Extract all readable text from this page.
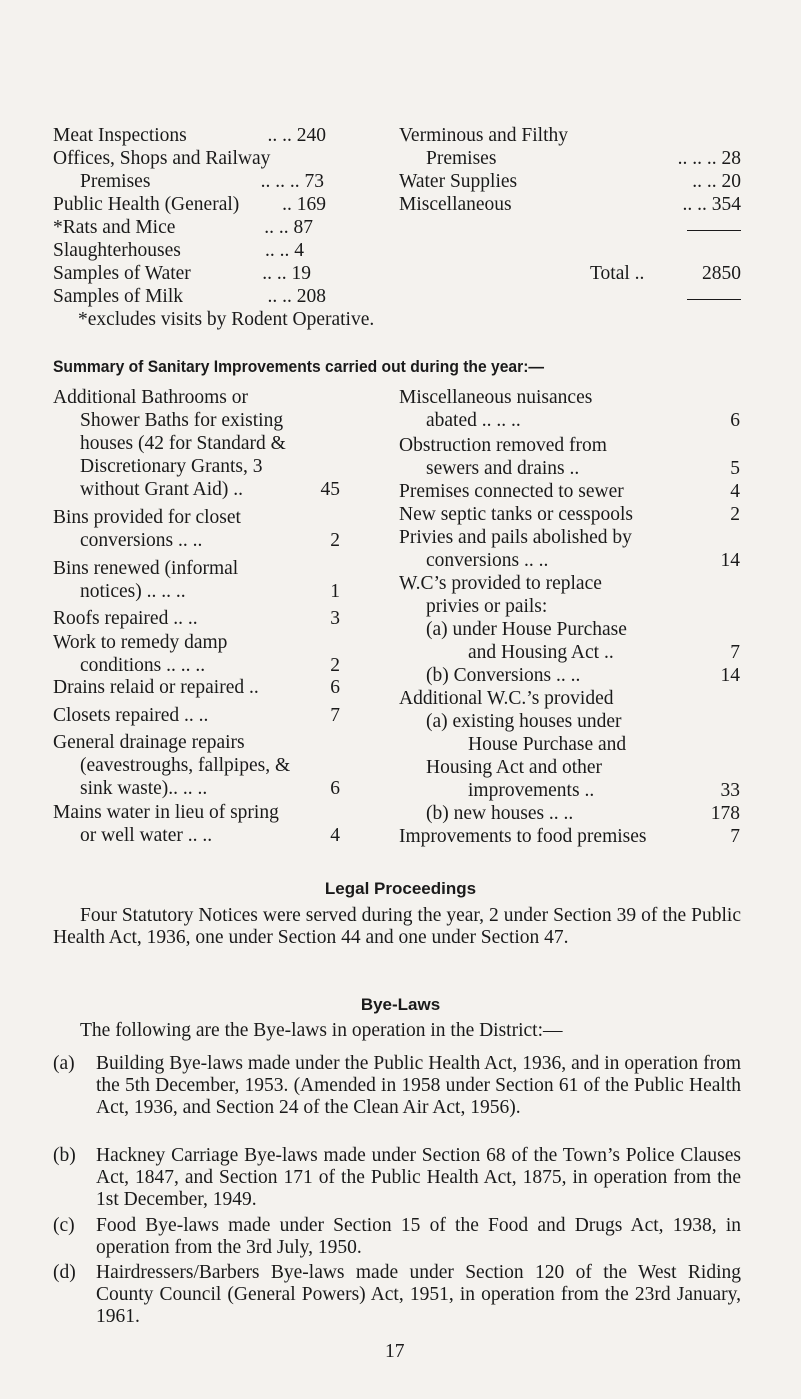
Meat Inspections	.. .. 240
Offices, Shops and Railway
Premises	.. .. .. 73
Public Health (General) .. 169
*Rats and Mice	.. .. 87
Slaughterhouses	.. .. 4
Samples of Water	.. .. 19
Samples of Milk	.. .. 208
Verminous and Filthy
Premises	.. .. .. 28
Water Supplies	.. .. 20
Miscellaneous	.. .. 354
Total ..	2850
*excludes visits by Rodent Operative.
Summary of Sanitary Improvements carried out during the year:—
Additional Bathrooms or
Shower Baths for existing
houses (42 for Standard &
Discretionary Grants, 3
without Grant Aid) ..	45
Bins provided for closet
conversions .. ..	2
Bins renewed (informal
notices) .. .. ..	1
Roofs repaired .. ..	3
Work to remedy damp
conditions .. .. ..	2
Drains relaid or repaired ..	6
Closets repaired .. ..	7
General drainage repairs
(eavestroughs, fallpipes, &
sink waste).. .. ..	6
Mains water in lieu of spring
or well water .. ..	4
Miscellaneous nuisances
abated .. .. ..	6
Obstruction removed from
sewers and drains ..	5
Premises connected to sewer	4
New septic tanks or cesspools	2
Privies and pails abolished by
conversions .. ..	14
W.C’s provided to replace
privies or pails:
(a) under House Purchase
and Housing Act ..	7
(b) Conversions .. ..	14
Additional W.C.’s provided
(a) existing houses under
House Purchase and
Housing Act and other
improvements ..	33
(b) new houses .. ..	178
Improvements to food premises	7
Legal Proceedings
Four Statutory Notices were served during the year, 2 under Section 39 of the Public Health Act, 1936, one under Section 44 and one under Section 47.
Bye-Laws
The following are the Bye-laws in operation in the District:—
(a) Building Bye-laws made under the Public Health Act, 1936, and in operation from the 5th December, 1953. (Amended in 1958 under Section 61 of the Public Health Act, 1936, and Section 24 of the Clean Air Act, 1956).
(b) Hackney Carriage Bye-laws made under Section 68 of the Town’s Police Clauses Act, 1847, and Section 171 of the Public Health Act, 1875, in operation from the 1st December, 1949.
(c) Food Bye-laws made under Section 15 of the Food and Drugs Act, 1938, in operation from the 3rd July, 1950.
(d) Hairdressers/Barbers Bye-laws made under Section 120 of the West Riding County Council (General Powers) Act, 1951, in operation from the 23rd January, 1961.
17
